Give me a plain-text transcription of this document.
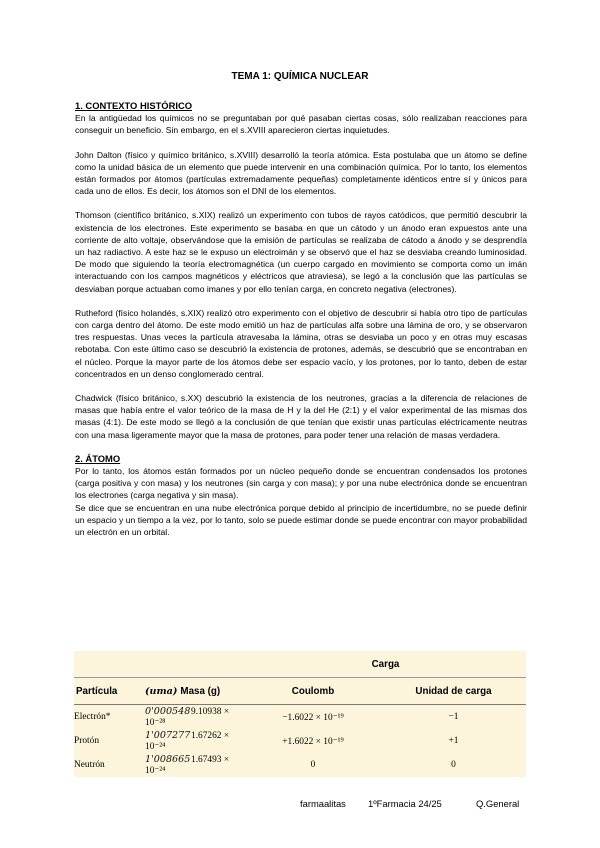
TEMA 1: QUÍMICA NUCLEAR
1. CONTEXTO HISTÓRICO

En la antigüedad los químicos no se preguntaban por qué pasaban ciertas cosas, sólo realizaban reacciones para conseguir un beneficio. Sin embargo, en el s.XVIII aparecieron ciertas inquietudes.

John Dalton (físico y químico británico, s.XVIII) desarrolló la teoría atómica. Esta postulaba que un átomo se define como la unidad básica de un elemento que puede intervenir en una combinación química. Por lo tanto, los elementos están formados por átomos (partículas extremadamente pequeñas) completamente idénticos entre sí y únicos para cada uno de ellos. Es decir, los átomos son el DNI de los elementos.

Thomson (científico británico, s.XIX) realizó un experimento con tubos de rayos catódicos, que permitió descubrir la existencia de los electrones. Este experimento se basaba en que un cátodo y un ánodo eran expuestos ante una corriente de alto voltaje, observándose que la emisión de partículas se realizaba de cátodo a ánodo y se desprendía un haz radiactivo. A este haz se le expuso un electroimán y se observó que el haz se desviaba creando luminosidad. De modo que siguiendo la teoría electromagnética (un cuerpo cargado en movimiento se comporta como un imán interactuando con los campos magnéticos y eléctricos que atraviesa), se legó a la conclusión que las partículas se desviaban porque actuaban como imanes y por ello tenían carga, en concreto negativa (electrones).

Rutheford (físico holandés, s.XIX) realizó otro experimento con el objetivo de descubrir si había otro tipo de partículas con carga dentro del átomo. De este modo emitió un haz de partículas alfa sobre una lámina de oro, y se observaron tres respuestas. Unas veces la partícula atravesaba la lámina, otras se desviaba un poco y en otras muy escasas rebotaba. Con este último caso se descubrió la existencia de protones, además, se descubrió que se encontraban en el núcleo. Porque la mayor parte de los átomos debe ser espacio vacío, y los protones, por lo tanto, deben de estar concentrados en un denso conglomerado central.

Chadwick (físico británico, s.XX) descubrió la existencia de los neutrones, gracias a la diferencia de relaciones de masas que había entre el valor teórico de la masa de H y la del He (2:1) y el valor experimental de las mismas dos masas (4:1). De este modo se llegó a la conclusión de que tenían que existir unas partículas eléctricamente neutras con una masa ligeramente mayor que la masa de protones, para poder tener una relación de masas verdadera.

2. ÁTOMO

Por lo tanto, los átomos están formados por un núcleo pequeño donde se encuentran condensados los protones (carga positiva y con masa) y los neutrones (sin carga y con masa); y por una nube electrónica donde se encuentran los electrones (carga negativa y sin masa).

Se dice que se encuentran en una nube electrónica porque debido al principio de incertidumbre, no se puede definir un espacio y un tiempo a la vez, por lo tanto, solo se puede estimar donde se puede encontrar con mayor probabilidad un electrón en un orbital.

		Carga	
Partícula	(uma) Masa (g)	Coulomb	Unidad de carga

Electrón*	0'0005489.10938 × 10⁻²⁸	−1.6022 × 10⁻¹⁹	−1
Protón	1'0072771.67262 × 10⁻²⁴	+1.6022 × 10⁻¹⁹	+1
Neutrón	1'0086651.67493 × 10⁻²⁴	0	0
farmaalitas 1ºFarmacia 24/25	Q.General
